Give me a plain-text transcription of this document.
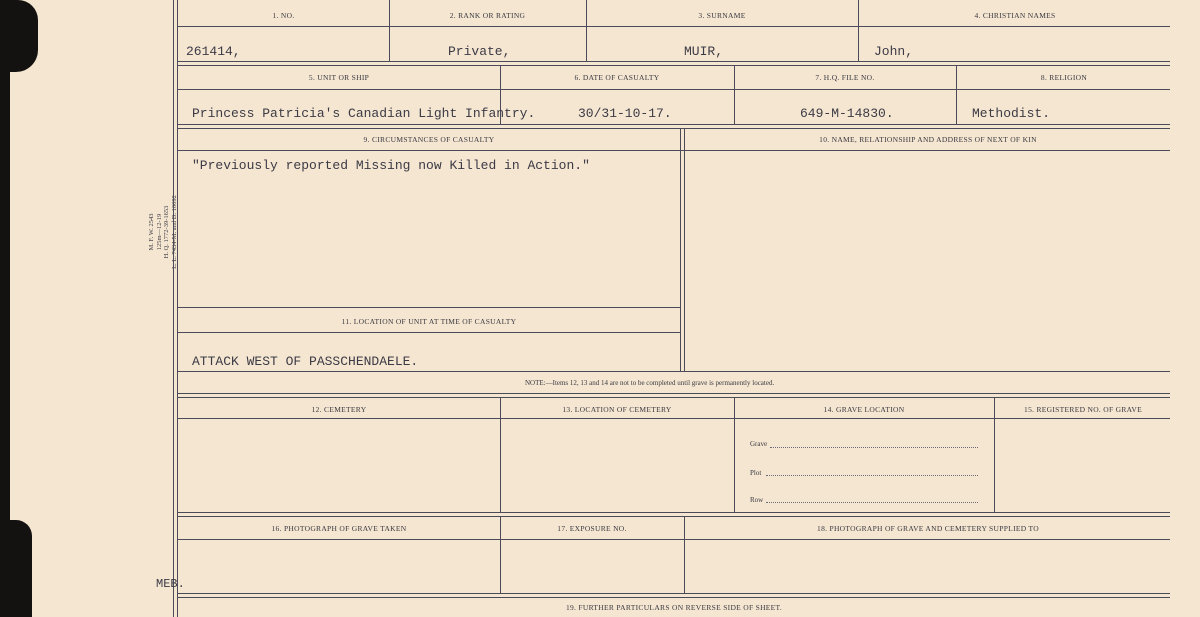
M. F. W. 2543 125m—12-19 H. Q. 1772-39-1653 L. L. 7434-M. and D. 10092
1. NO.	2. RANK OR RATING	3. SURNAME	4. CHRISTIAN NAMES
261414,	Private,	MUIR,	John,
5. UNIT OR SHIP	6. DATE OF CASUALTY	7. H.Q. FILE NO.	8. RELIGION
Princess Patricia's Canadian Light Infantry.	30/31-10-17.	649-M-14830.	Methodist.
9. CIRCUMSTANCES OF CASUALTY	10. NAME, RELATIONSHIP AND ADDRESS OF NEXT OF KIN
"Previously reported Missing now Killed in Action."
11. LOCATION OF UNIT AT TIME OF CASUALTY
ATTACK WEST OF PASSCHENDAELE.
NOTE:—Items 12, 13 and 14 are not to be completed until grave is permanently located.
12. CEMETERY	13. LOCATION OF CEMETERY	14. GRAVE LOCATION	15. REGISTERED NO. OF GRAVE
Grave
Plot
Row
16. PHOTOGRAPH OF GRAVE TAKEN	17. EXPOSURE NO.	18. PHOTOGRAPH OF GRAVE AND CEMETERY SUPPLIED TO
19. FURTHER PARTICULARS ON REVERSE SIDE OF SHEET.
MEB.
